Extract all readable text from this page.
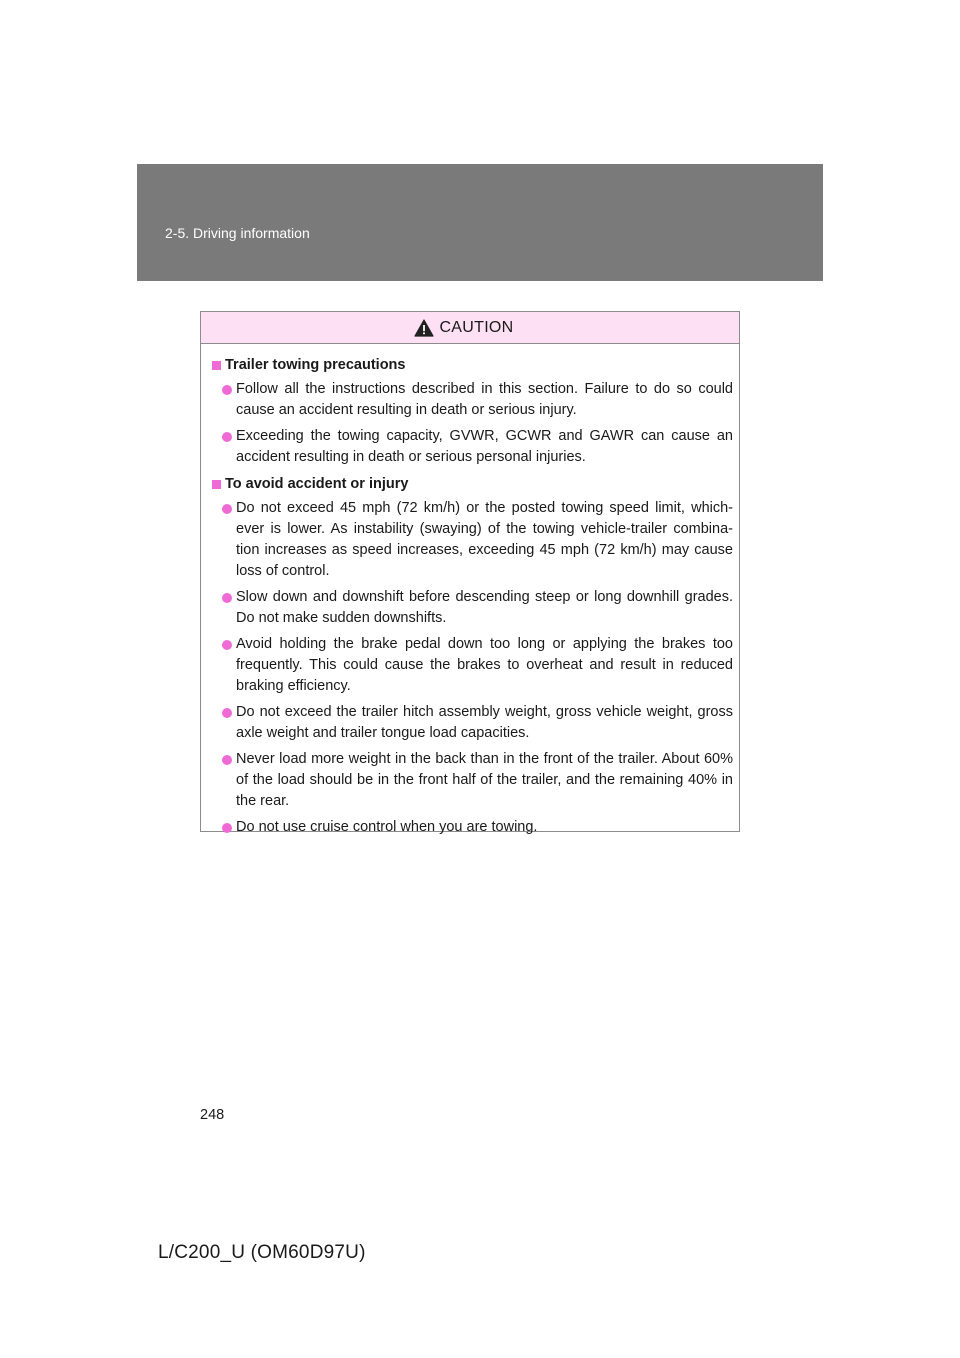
2-5. Driving information
CAUTION
Trailer towing precautions
Follow all the instructions described in this section. Failure to do so could cause an accident resulting in death or serious injury.
Exceeding the towing capacity, GVWR, GCWR and GAWR can cause an accident resulting in death or serious personal injuries.
To avoid accident or injury
Do not exceed 45 mph (72 km/h) or the posted towing speed limit, which-ever is lower. As instability (swaying) of the towing vehicle-trailer combina-tion increases as speed increases, exceeding 45 mph (72 km/h) may cause loss of control.
Slow down and downshift before descending steep or long downhill grades. Do not make sudden downshifts.
Avoid holding the brake pedal down too long or applying the brakes too frequently. This could cause the brakes to overheat and result in reduced braking efficiency.
Do not exceed the trailer hitch assembly weight, gross vehicle weight, gross axle weight and trailer tongue load capacities.
Never load more weight in the back than in the front of the trailer. About 60% of the load should be in the front half of the trailer, and the remaining 40% in the rear.
Do not use cruise control when you are towing.
248
L/C200_U (OM60D97U)
